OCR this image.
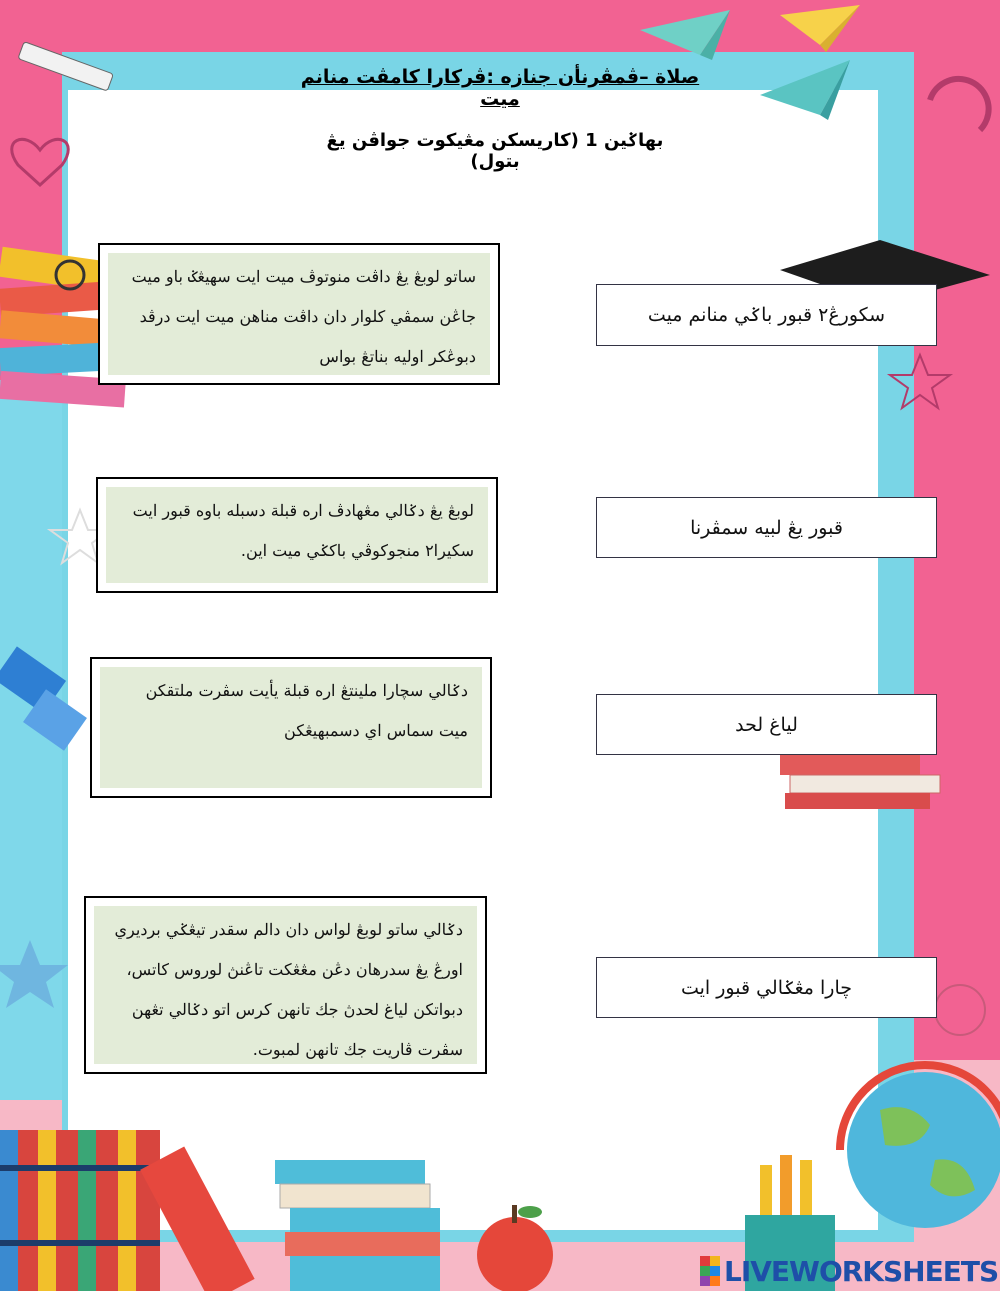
صلاة –ڤمڤرنأن جنازه :ڤركارا كامڤت منانم ميت
بهاݢين 1 (كاريسكن مڠيكوت جواڤن يڠ بتول)
ساتو لوبڠ يڠ داڤت منوتوڤ ميت ايت سهيڠݢ باو ميت جاڠن سمڤي كلوار دان داڤت مناهن ميت ايت درڤد دبوڠكر اوليه بناتڠ بواس
لوبڠ يڠ دݢالي مڠهادڤ اره قبلة دسبله باوه قبور ايت سكيرا٢ منجوكوڤي باكݢي ميت اين.
دݢالي سچارا ملينتڠ اره قبلة يأيت سڤرت ملتقكن ميت سماس اي دسمبهيڠكن
دݢالي ساتو لوبڠ لواس دان دالم سقدر تيڠݢي برديري اورڠ يڠ سدرهان دڠن مڠڠكت تاڠنڽ لوروس كاتس، دبواتكن لياغ لحدڽ جك تانهن كرس اتو دݢالي تڠهن سڤرت ڤاريت جك تانهن لمبوت.
سكورڠ٢ قبور باݢي منانم ميت
قبور يڠ لبيه سمڤرنا
لياغ لحد
چارا مڠݢالي قبور ايت
LIVEWORKSHEETS
